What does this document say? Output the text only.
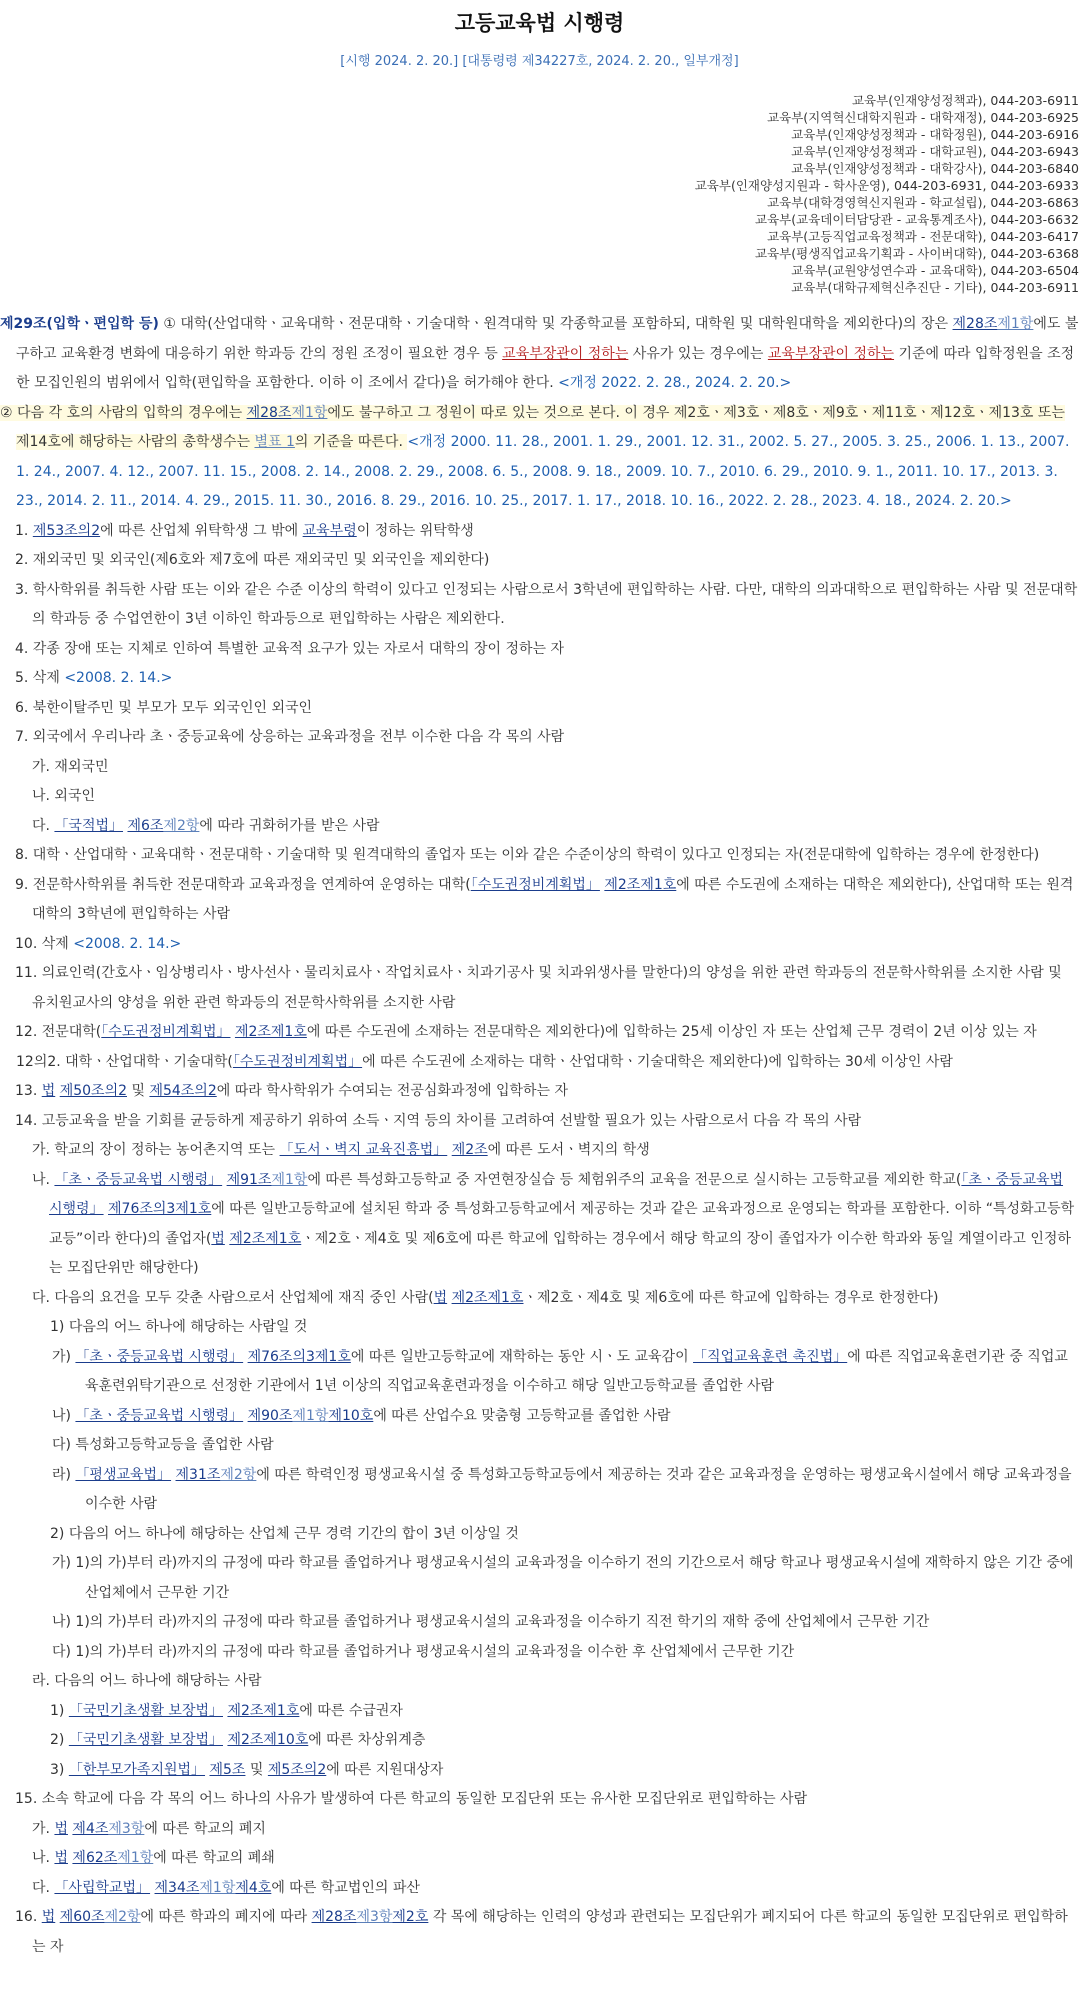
고등교육법 시행령
[시행 2024. 2. 20.] [대통령령 제34227호, 2024. 2. 20., 일부개정]
교육부(인재양성정책과), 044-203-6911
교육부(지역혁신대학지원과 - 대학재정), 044-203-6925
교육부(인재양성정책과 - 대학정원), 044-203-6916
교육부(인재양성정책과 - 대학교원), 044-203-6943
교육부(인재양성정책과 - 대학강사), 044-203-6840
교육부(인재양성지원과 - 학사운영), 044-203-6931, 044-203-6933
교육부(대학경영혁신지원과 - 학교설립), 044-203-6863
교육부(교육데이터담당관 - 교육통계조사), 044-203-6632
교육부(고등직업교육정책과 - 전문대학), 044-203-6417
교육부(평생직업교육기획과 - 사이버대학), 044-203-6368
교육부(교원양성연수과 - 교육대학), 044-203-6504
교육부(대학규제혁신추진단 - 기타), 044-203-6911

제29조(입학ㆍ편입학 등) ① 대학(산업대학ㆍ교육대학ㆍ전문대학ㆍ기술대학ㆍ원격대학 및 각종학교를 포함하되, 대학원 및 대학원대학을 제외한다)의 장은 제28조제1항에도 불구하고 교육환경 변화에 대응하기 위한 학과등 간의 정원 조정이 필요한 경우 등 교육부장관이 정하는 사유가 있는 경우에는 교육부장관이 정하는 기준에 따라 입학정원을 조정한 모집인원의 범위에서 입학(편입학을 포함한다. 이하 이 조에서 같다)을 허가해야 한다. <개정 2022. 2. 28., 2024. 2. 20.>

② 다음 각 호의 사람의 입학의 경우에는 제28조제1항에도 불구하고 그 정원이 따로 있는 것으로 본다. 이 경우 제2호ㆍ제3호ㆍ제8호ㆍ제9호ㆍ제11호ㆍ제12호ㆍ제13호 또는 제14호에 해당하는 사람의 총학생수는 별표 1의 기준을 따른다. <개정 2000. 11. 28., 2001. 1. 29., 2001. 12. 31., 2002. 5. 27., 2005. 3. 25., 2006. 1. 13., 2007. 1. 24., 2007. 4. 12., 2007. 11. 15., 2008. 2. 14., 2008. 2. 29., 2008. 6. 5., 2008. 9. 18., 2009. 10. 7., 2010. 6. 29., 2010. 9. 1., 2011. 10. 17., 2013. 3. 23., 2014. 2. 11., 2014. 4. 29., 2015. 11. 30., 2016. 8. 29., 2016. 10. 25., 2017. 1. 17., 2018. 10. 16., 2022. 2. 28., 2023. 4. 18., 2024. 2. 20.>

1. 제53조의2에 따른 산업체 위탁학생 그 밖에 교육부령이 정하는 위탁학생

2. 재외국민 및 외국인(제6호와 제7호에 따른 재외국민 및 외국인을 제외한다)

3. 학사학위를 취득한 사람 또는 이와 같은 수준 이상의 학력이 있다고 인정되는 사람으로서 3학년에 편입학하는 사람. 다만, 대학의 의과대학으로 편입학하는 사람 및 전문대학의 학과등 중 수업연한이 3년 이하인 학과등으로 편입학하는 사람은 제외한다.

4. 각종 장애 또는 지체로 인하여 특별한 교육적 요구가 있는 자로서 대학의 장이 정하는 자

5. 삭제 <2008. 2. 14.>

6. 북한이탈주민 및 부모가 모두 외국인인 외국인

7. 외국에서 우리나라 초ㆍ중등교육에 상응하는 교육과정을 전부 이수한 다음 각 목의 사람

가. 재외국민

나. 외국인

다. 「국적법」 제6조제2항에 따라 귀화허가를 받은 사람

8. 대학ㆍ산업대학ㆍ교육대학ㆍ전문대학ㆍ기술대학 및 원격대학의 졸업자 또는 이와 같은 수준이상의 학력이 있다고 인정되는 자(전문대학에 입학하는 경우에 한정한다)

9. 전문학사학위를 취득한 전문대학과 교육과정을 연계하여 운영하는 대학(「수도권정비계획법」 제2조제1호에 따른 수도권에 소재하는 대학은 제외한다), 산업대학 또는 원격대학의 3학년에 편입학하는 사람

10. 삭제 <2008. 2. 14.>

11. 의료인력(간호사ㆍ임상병리사ㆍ방사선사ㆍ물리치료사ㆍ작업치료사ㆍ치과기공사 및 치과위생사를 말한다)의 양성을 위한 관련 학과등의 전문학사학위를 소지한 사람 및 유치원교사의 양성을 위한 관련 학과등의 전문학사학위를 소지한 사람

12. 전문대학(「수도권정비계획법」 제2조제1호에 따른 수도권에 소재하는 전문대학은 제외한다)에 입학하는 25세 이상인 자 또는 산업체 근무 경력이 2년 이상 있는 자

12의2. 대학ㆍ산업대학ㆍ기술대학(「수도권정비계획법」에 따른 수도권에 소재하는 대학ㆍ산업대학ㆍ기술대학은 제외한다)에 입학하는 30세 이상인 사람

13. 법 제50조의2 및 제54조의2에 따라 학사학위가 수여되는 전공심화과정에 입학하는 자

14. 고등교육을 받을 기회를 균등하게 제공하기 위하여 소득ㆍ지역 등의 차이를 고려하여 선발할 필요가 있는 사람으로서 다음 각 목의 사람

가. 학교의 장이 정하는 농어촌지역 또는 「도서ㆍ벽지 교육진흥법」 제2조에 따른 도서ㆍ벽지의 학생

나. 「초ㆍ중등교육법 시행령」 제91조제1항에 따른 특성화고등학교 중 자연현장실습 등 체험위주의 교육을 전문으로 실시하는 고등학교를 제외한 학교(「초ㆍ중등교육법 시행령」 제76조의3제1호에 따른 일반고등학교에 설치된 학과 중 특성화고등학교에서 제공하는 것과 같은 교육과정으로 운영되는 학과를 포함한다. 이하 “특성화고등학교등”이라 한다)의 졸업자(법 제2조제1호ㆍ제2호ㆍ제4호 및 제6호에 따른 학교에 입학하는 경우에서 해당 학교의 장이 졸업자가 이수한 학과와 동일 계열이라고 인정하는 모집단위만 해당한다)

다. 다음의 요건을 모두 갖춘 사람으로서 산업체에 재직 중인 사람(법 제2조제1호ㆍ제2호ㆍ제4호 및 제6호에 따른 학교에 입학하는 경우로 한정한다)

1) 다음의 어느 하나에 해당하는 사람일 것

가) 「초ㆍ중등교육법 시행령」 제76조의3제1호에 따른 일반고등학교에 재학하는 동안 시ㆍ도 교육감이 「직업교육훈련 촉진법」에 따른 직업교육훈련기관 중 직업교육훈련위탁기관으로 선정한 기관에서 1년 이상의 직업교육훈련과정을 이수하고 해당 일반고등학교를 졸업한 사람

나) 「초ㆍ중등교육법 시행령」 제90조제1항제10호에 따른 산업수요 맞춤형 고등학교를 졸업한 사람

다) 특성화고등학교등을 졸업한 사람

라) 「평생교육법」 제31조제2항에 따른 학력인정 평생교육시설 중 특성화고등학교등에서 제공하는 것과 같은 교육과정을 운영하는 평생교육시설에서 해당 교육과정을 이수한 사람

2) 다음의 어느 하나에 해당하는 산업체 근무 경력 기간의 합이 3년 이상일 것

가) 1)의 가)부터 라)까지의 규정에 따라 학교를 졸업하거나 평생교육시설의 교육과정을 이수하기 전의 기간으로서 해당 학교나 평생교육시설에 재학하지 않은 기간 중에 산업체에서 근무한 기간

나) 1)의 가)부터 라)까지의 규정에 따라 학교를 졸업하거나 평생교육시설의 교육과정을 이수하기 직전 학기의 재학 중에 산업체에서 근무한 기간

다) 1)의 가)부터 라)까지의 규정에 따라 학교를 졸업하거나 평생교육시설의 교육과정을 이수한 후 산업체에서 근무한 기간

라. 다음의 어느 하나에 해당하는 사람

1) 「국민기초생활 보장법」 제2조제1호에 따른 수급권자

2) 「국민기초생활 보장법」 제2조제10호에 따른 차상위계층

3) 「한부모가족지원법」 제5조 및 제5조의2에 따른 지원대상자

15. 소속 학교에 다음 각 목의 어느 하나의 사유가 발생하여 다른 학교의 동일한 모집단위 또는 유사한 모집단위로 편입학하는 사람

가. 법 제4조제3항에 따른 학교의 폐지

나. 법 제62조제1항에 따른 학교의 폐쇄

다. 「사립학교법」 제34조제1항제4호에 따른 학교법인의 파산

16. 법 제60조제2항에 따른 학과의 폐지에 따라 제28조제3항제2호 각 목에 해당하는 인력의 양성과 관련되는 모집단위가 폐지되어 다른 학교의 동일한 모집단위로 편입학하는 자
